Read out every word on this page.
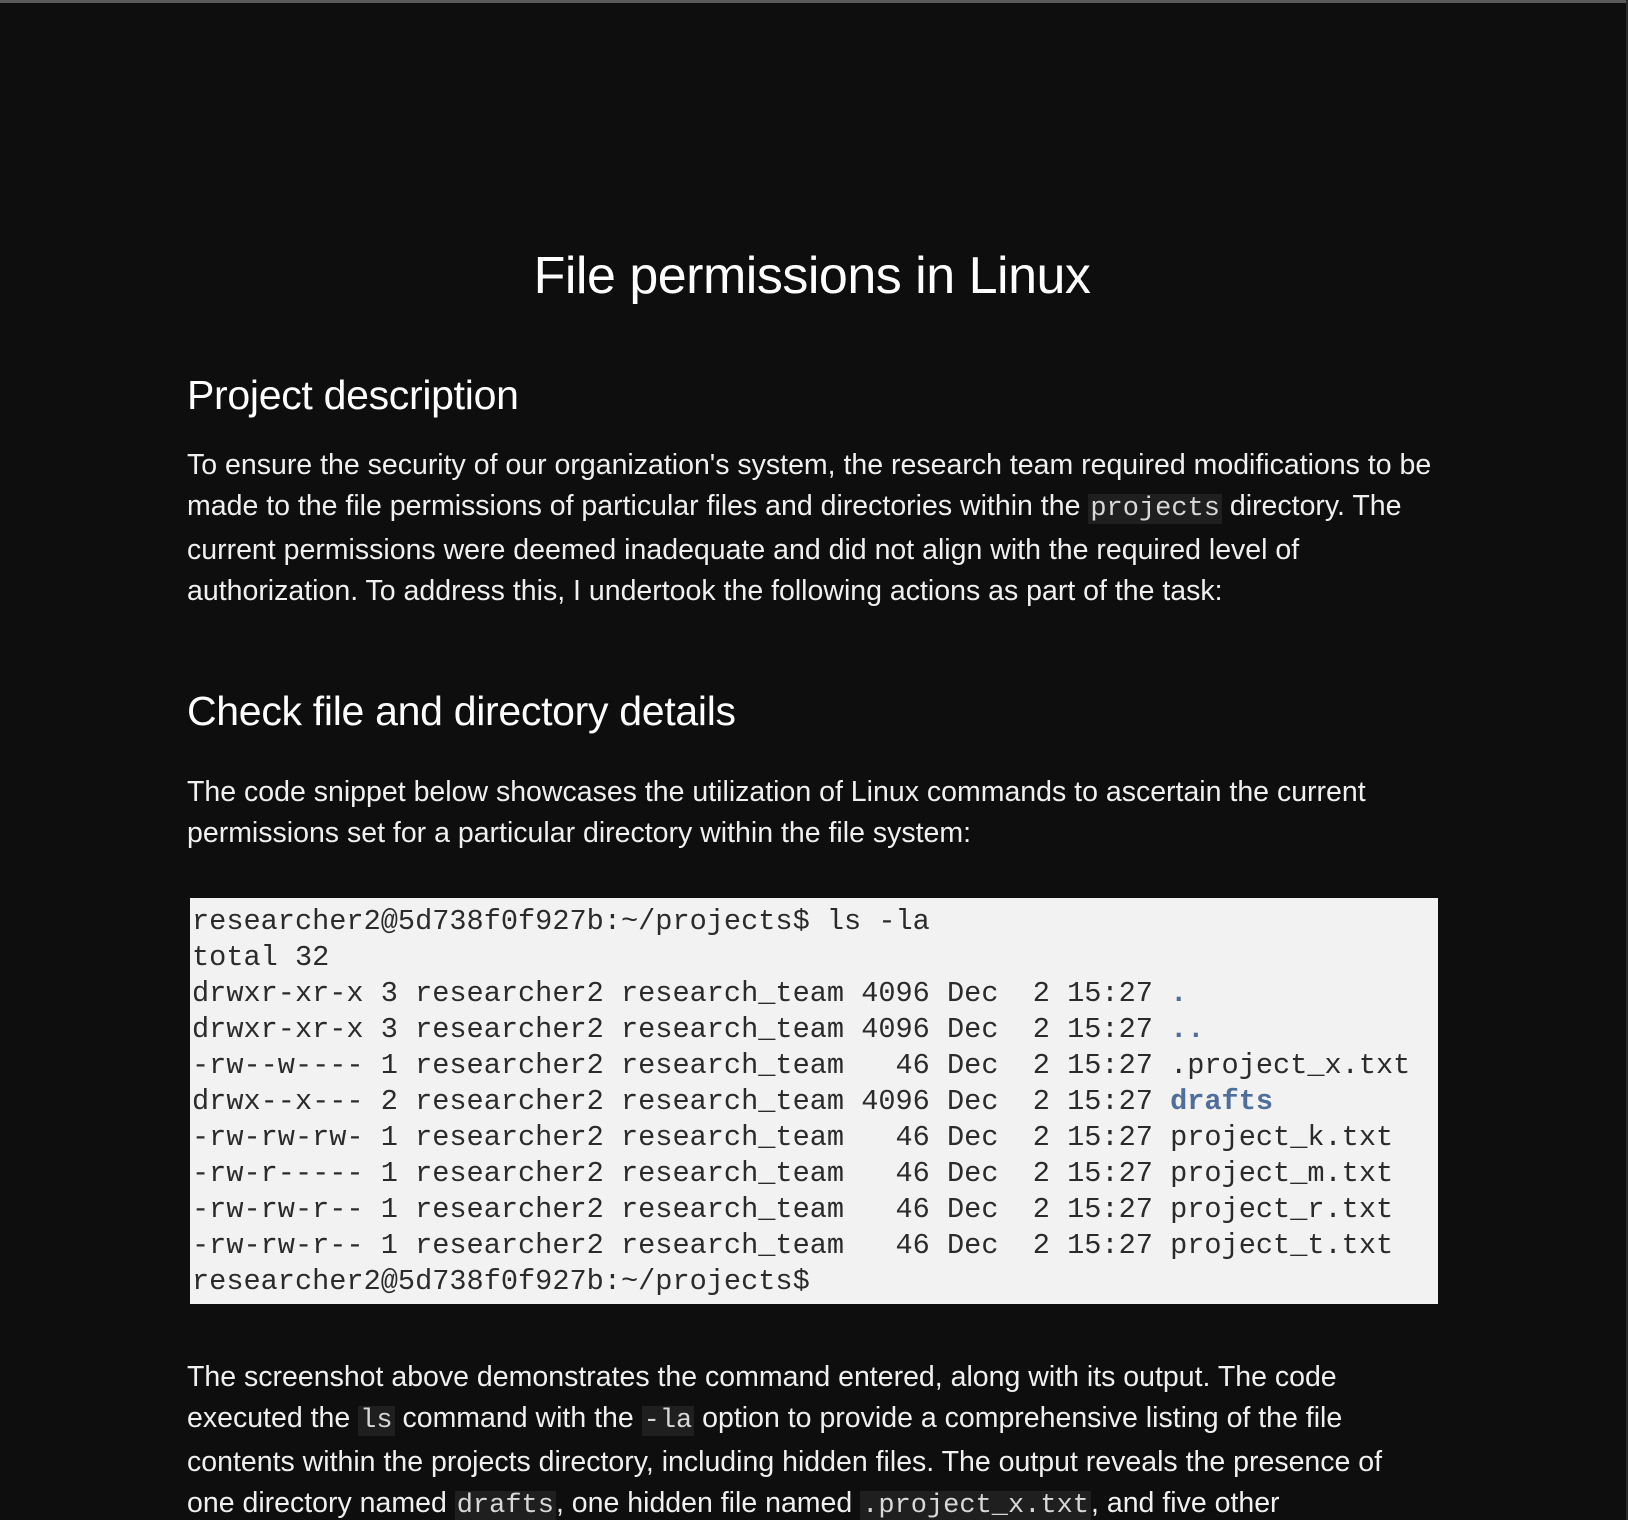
File permissions in Linux
Project description

To ensure the security of our organization's system, the research team required modifications to be made to the file permissions of particular files and directories within the projects directory. The current permissions were deemed inadequate and did not align with the required level of authorization. To address this, I undertook the following actions as part of the task:

Check file and directory details

The code snippet below showcases the utilization of Linux commands to ascertain the current permissions set for a particular directory within the file system:

researcher2@5d738f0f927b:~/projects$ ls -la
total 32
drwxr-xr-x 3 researcher2 research_team 4096 Dec  2 15:27 .
drwxr-xr-x 3 researcher2 research_team 4096 Dec  2 15:27 ..
-rw--w---- 1 researcher2 research_team   46 Dec  2 15:27 .project_x.txt
drwx--x--- 2 researcher2 research_team 4096 Dec  2 15:27 drafts
-rw-rw-rw- 1 researcher2 research_team   46 Dec  2 15:27 project_k.txt
-rw-r----- 1 researcher2 research_team   46 Dec  2 15:27 project_m.txt
-rw-rw-r-- 1 researcher2 research_team   46 Dec  2 15:27 project_r.txt
-rw-rw-r-- 1 researcher2 research_team   46 Dec  2 15:27 project_t.txt
researcher2@5d738f0f927b:~/projects$

The screenshot above demonstrates the command entered, along with its output. The code executed the ls command with the -la option to provide a comprehensive listing of the file contents within the projects directory, including hidden files. The output reveals the presence of one directory named drafts, one hidden file named .project_x.txt, and five other
